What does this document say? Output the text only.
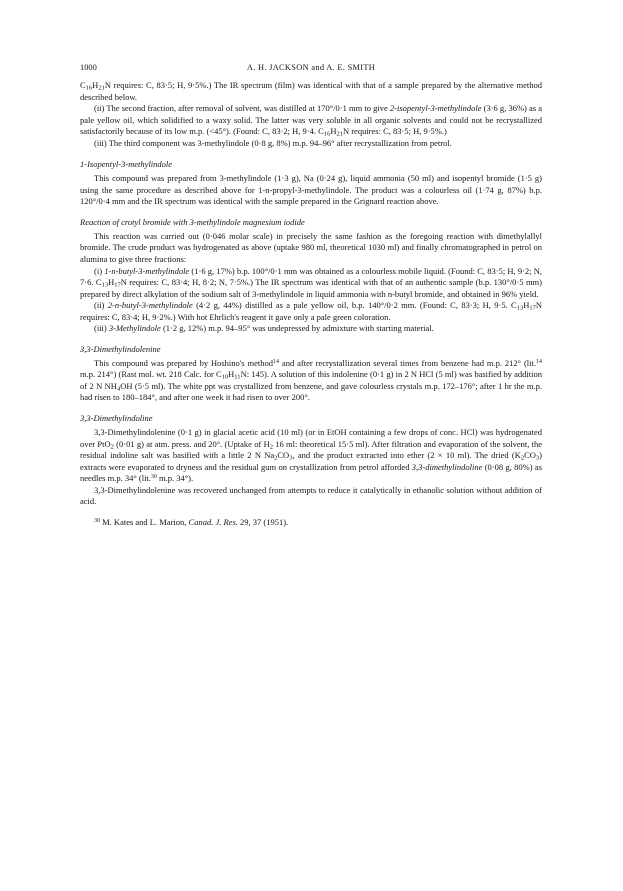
1000	A. H. JACKSON and A. E. SMITH

$C_{16}H_{21}N$ requires: C, 83·5; H, 9·5%.) The IR spectrum (film) was identical with that of a sample prepared by the alternative method described below.

(ii) The second fraction, after removal of solvent, was distilled at 170°/0·1 mm to give 2-isopentyl-3-methylindole (3·6 g, 36%) as a pale yellow oil, which solidified to a waxy solid. The latter was very soluble in all organic solvents and could not be recrystallized satisfactorily because of its low m.p. (<45°). (Found: C, 83·2; H, 9·4. $C_{16}H_{21}N$ requires: C, 83·5; H, 9·5%.)

(iii) The third component was 3-methylindole (0·8 g, 8%) m.p. 94–96° after recrystallization from petrol.

1-Isopentyl-3-methylindole

This compound was prepared from 3-methylindole (1·3 g), Na (0·24 g), liquid ammonia (50 ml) and isopentyl bromide (1·5 g) using the same procedure as described above for 1-n-propyl-3-methylindole. The product was a colourless oil (1·74 g, 87%) b.p. 120°/0·4 mm and the IR spectrum was identical with the sample prepared in the Grignard reaction above.

Reaction of crotyl bromide with 3-methylindole magnesium iodide

This reaction was carried out (0·046 molar scale) in precisely the same fashion as the foregoing reaction with dimethylallyl bromide. The crude product was hydrogenated as above (uptake 980 ml, theoretical 1030 ml) and finally chromatographed in petrol on alumina to give three fractions:

(i) 1-n-butyl-3-methylindole (1·6 g, 17%) b.p. 100°/0·1 mm was obtained as a colourless mobile liquid. (Found: C, 83·5; H, 9·2; N, 7·6. $C_{13}H_{17}N$ requires: C, 83·4; H, 8·2; N, 7·5%.) The IR spectrum was identical with that of an authentic sample (b.p. 130°/0·5 mm) prepared by direct alkylation of the sodium salt of 3-methylindole in liquid ammonia with n-butyl bromide, and obtained in 96% yield.

(ii) 2-n-butyl-3-methylindole (4·2 g, 44%) distilled as a pale yellow oil, b.p. 140°/0·2 mm. (Found: C, 83·3; H, 9·5. $C_{13}H_{17}N$ requires: C, 83·4; H, 9·2%.) With hot Ehrlich's reagent it gave only a pale green coloration.

(iii) 3-Methylindole (1·2 g, 12%) m.p. 94–95° was undepressed by admixture with starting material.

3,3-Dimethylindolenine

This compound was prepared by Hoshino's method$^{14}$ and after recrystallization several times from benzene had m.p. 212° (lit.$^{14}$ m.p. 214°) (Rast mol. wt. 218 Calc. for $C_{10}H_{11}N$: 145). A solution of this indolenine (0·1 g) in 2 N HCl (5 ml) was basified by addition of 2 N $NH_4OH$ (5·5 ml). The white ppt was crystallized from benzene, and gave colourless crystals m.p. 172–176°; after 1 hr the m.p. had risen to 180–184°, and after one week it had risen to over 200°.

3,3-Dimethylindoline

3,3-Dimethylindolenine (0·1 g) in glacial acetic acid (10 ml) (or in EtOH containing a few drops of conc. HCl) was hydrogenated over PtO$_2$ (0·01 g) at atm. press. and 20°. (Uptake of $H_2$ 16 ml: theoretical 15·5 ml). After filtration and evaporation of the solvent, the residual indoline salt was basified with a little 2 N $Na_2CO_3$, and the product extracted into ether (2 × 10 ml). The dried $(K_2CO_3)$ extracts were evaporated to dryness and the residual gum on crystallization from petrol afforded 3,3-dimethylindoline (0·08 g, 80%) as needles m.p. 34° (lit.$^{30}$ m.p. 34°).

3,3-Dimethylindolenine was recovered unchanged from attempts to reduce it catalytically in ethanolic solution without addition of acid.

$^{30}$ M. Kates and L. Marion, Canad. J. Res. 29, 37 (1951).
